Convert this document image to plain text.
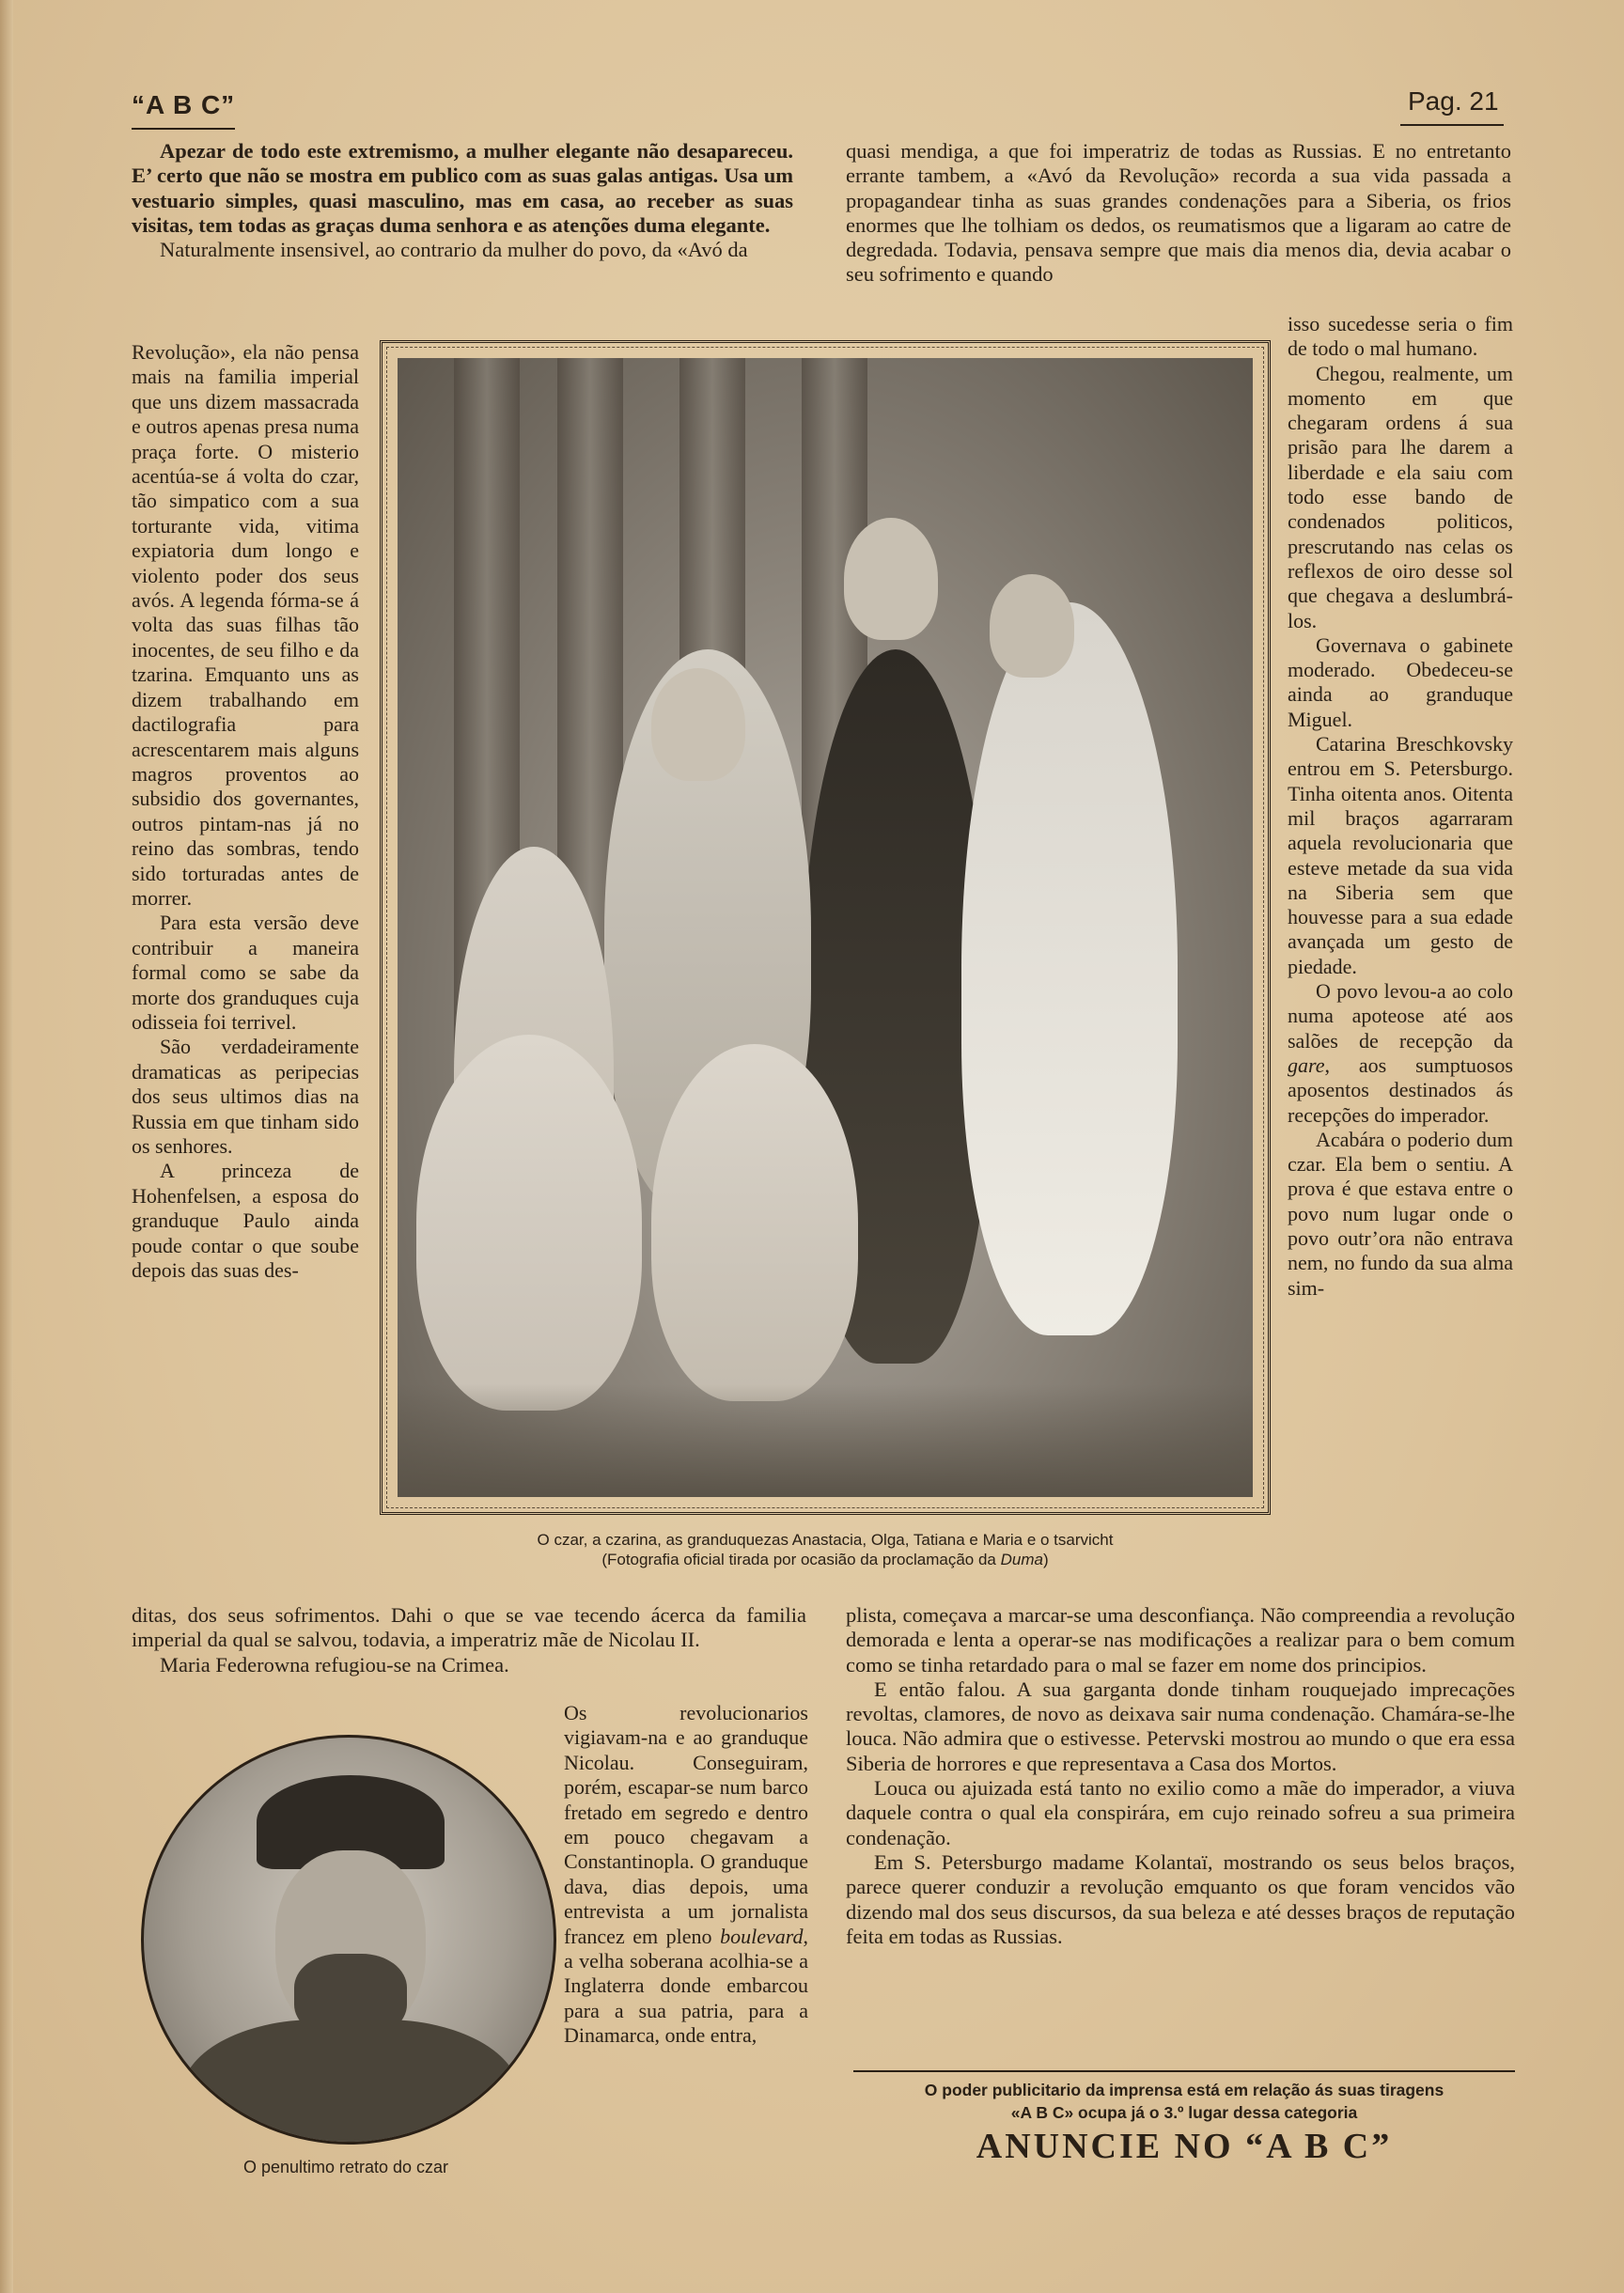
“A B C”	Pag. 21

Apezar de todo este extremismo, a mulher elegante não desapareceu. E’ certo que não se mostra em publico com as suas galas antigas. Usa um vestuario simples, quasi masculino, mas em casa, ao receber as suas visitas, tem todas as graças duma senhora e as atenções duma elegante.

Naturalmente insensivel, ao contrario da mulher do povo, da «Avó da

Revolução», ela não pensa mais na familia imperial que uns dizem massacrada e outros apenas presa numa praça forte. O misterio acentúa-se á volta do czar, tão simpatico com a sua torturante vida, vitima expiatoria dum longo e violento poder dos seus avós. A legenda fórma-se á volta das suas filhas tão inocentes, de seu filho e da tzarina. Emquanto uns as dizem trabalhando em dactilografia para acrescentarem mais alguns magros proventos ao subsidio dos governantes, outros pintam-nas já no reino das sombras, tendo sido torturadas antes de morrer.

Para esta versão deve contribuir a maneira formal como se sabe da morte dos granduques cuja odisseia foi terrivel.

São verdadeiramente dramaticas as peripecias dos seus ultimos dias na Russia em que tinham sido os senhores.

A princeza de Hohenfelsen, a esposa do granduque Paulo ainda poude contar o que soube depois das suas des-

ditas, dos seus sofrimentos. Dahi o que se vae tecendo ácerca da familia imperial da qual se salvou, todavia, a imperatriz mãe de Nicolau II.

Maria Federowna refugiou-se na Crimea.

Os revolucionarios vigiavam-na e ao granduque Nicolau. Conseguiram, porém, escapar-se num barco fretado em segredo e dentro em pouco chegavam a Constantinopla. O granduque dava, dias depois, uma entrevista a um jornalista francez em pleno boulevard, a velha soberana acolhia-se a Inglaterra donde embarcou para a sua patria, para a Dinamarca, onde entra,

quasi mendiga, a que foi imperatriz de todas as Russias. E no entretanto errante tambem, a «Avó da Revolução» recorda a sua vida passada a propagandear tinha as suas grandes condenações para a Siberia, os frios enormes que lhe tolhiam os dedos, os reumatismos que a ligaram ao catre de degredada. Todavia, pensava sempre que mais dia menos dia, devia acabar o seu sofrimento e quando

isso sucedesse seria o fim de todo o mal humano.

Chegou, realmente, um momento em que chegaram ordens á sua prisão para lhe darem a liberdade e ela saiu com todo esse bando de condenados politicos, prescrutando nas celas os reflexos de oiro desse sol que chegava a deslumbrá-los.

Governava o gabinete moderado. Obedeceu-se ainda ao granduque Miguel.

Catarina Breschkovsky entrou em S. Petersburgo. Tinha oitenta anos. Oitenta mil braços agarraram aquela revolucionaria que esteve metade da sua vida na Siberia sem que houvesse para a sua edade avançada um gesto de piedade.

O povo levou-a ao colo numa apoteose até aos salões de recepção da gare, aos sumptuosos aposentos destinados ás recepções do imperador.

Acabára o poderio dum czar. Ela bem o sentiu. A prova é que estava entre o povo num lugar onde o povo outr’ora não entrava nem, no fundo da sua alma sim-

plista, começava a marcar-se uma desconfiança. Não compreendia a revolução demorada e lenta a operar-se nas modificações a realizar para o bem comum como se tinha retardado para o mal se fazer em nome dos principios.

E então falou. A sua garganta donde tinham rouquejado imprecações revoltas, clamores, de novo as deixava sair numa condenação. Chamára-se-lhe louca. Não admira que o estivesse. Petervski mostrou ao mundo o que era essa Siberia de horrores e que representava a Casa dos Mortos.

Louca ou ajuizada está tanto no exilio como a mãe do imperador, a viuva daquele contra o qual ela conspirára, em cujo reinado sofreu a sua primeira condenação.

Em S. Petersburgo madame Kolantaï, mostrando os seus belos braços, parece querer conduzir a revolução emquanto os que foram vencidos vão dizendo mal dos seus discursos, da sua beleza e até desses braços de reputação feita em todas as Russias.

O czar, a czarina, as granduquezas Anastacia, Olga, Tatiana e Maria e o tsarvicht
(Fotografia oficial tirada por ocasião da proclamação da Duma)
O penultimo retrato do czar
O poder publicitario da imprensa está em relação ás suas tiragens
«A B C» ocupa já o 3.º lugar dessa categoria
ANUNCIE NO “A B C”
